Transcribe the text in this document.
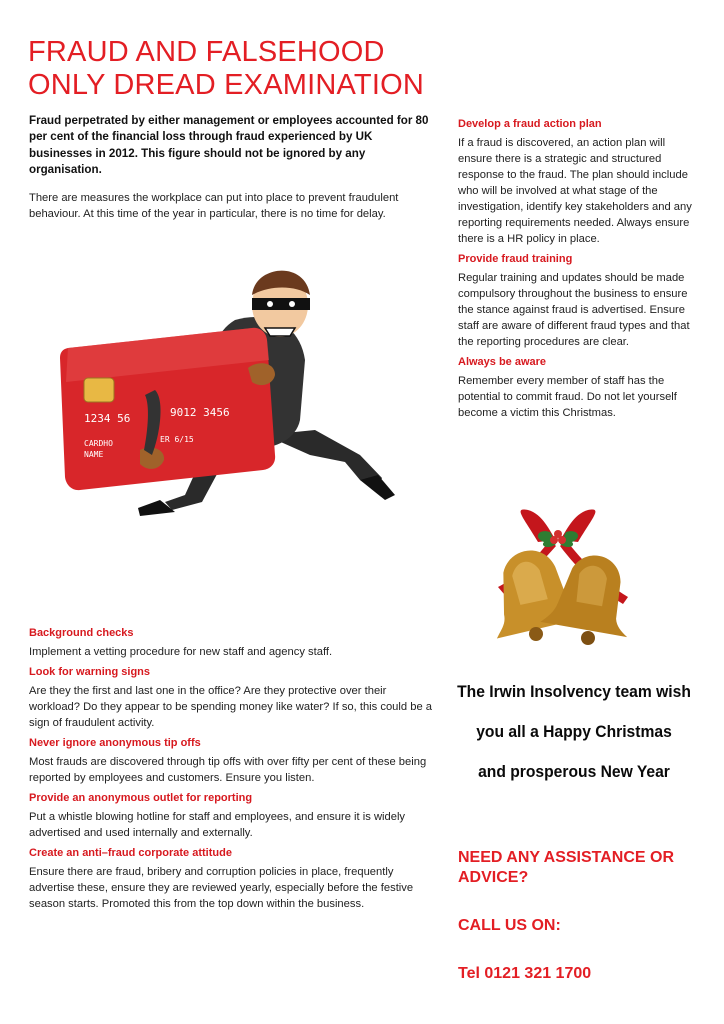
FRAUD AND FALSEHOOD ONLY DREAD EXAMINATION

Fraud perpetrated by either management or employees accounted for 80 per cent of the financial loss through fraud experienced by UK businesses in 2012. This figure should not be ignored by any organisation.

There are measures the workplace can put into place to prevent fraudulent behaviour. At this time of the year in particular, there is no time for delay.

1234 56	9012 3456
CARDHO	ER 6/15
NAME
Background checks

Implement a vetting procedure for new staff and agency staff.

Look for warning signs

Are they the first and last one in the office? Are they protective over their workload? Do they appear to be spending money like water? If so, this could be a sign of fraudulent activity.

Never ignore anonymous tip offs

Most frauds are discovered through tip offs with over fifty per cent of these being reported by employees and customers. Ensure you listen.

Provide an anonymous outlet for reporting

Put a whistle blowing hotline for staff and employees, and ensure it is widely advertised and used internally and externally.

Create an anti–fraud corporate attitude

Ensure there are fraud, bribery and corruption policies in place, frequently advertise these, ensure they are reviewed yearly, especially before the festive season starts. Promoted this from the top down within the business.

Develop a fraud action plan

If a fraud is discovered, an action plan will ensure there is a strategic and structured response to the fraud. The plan should include who will be involved at what stage of the investigation, identify key stakeholders and any reporting requirements needed. Always ensure there is a HR policy in place.

Provide fraud training

Regular training and updates should be made compulsory throughout the business to ensure the stance against fraud is advertised. Ensure staff are aware of different fraud types and that the reporting procedures are clear.

Always be aware

Remember every member of staff has the potential to commit fraud. Do not let yourself become a victim this Christmas.

The Irwin Insolvency team wish
you all a Happy Christmas
and prosperous New Year
NEED ANY ASSISTANCE OR
ADVICE?
CALL US ON:
Tel 0121 321 1700
